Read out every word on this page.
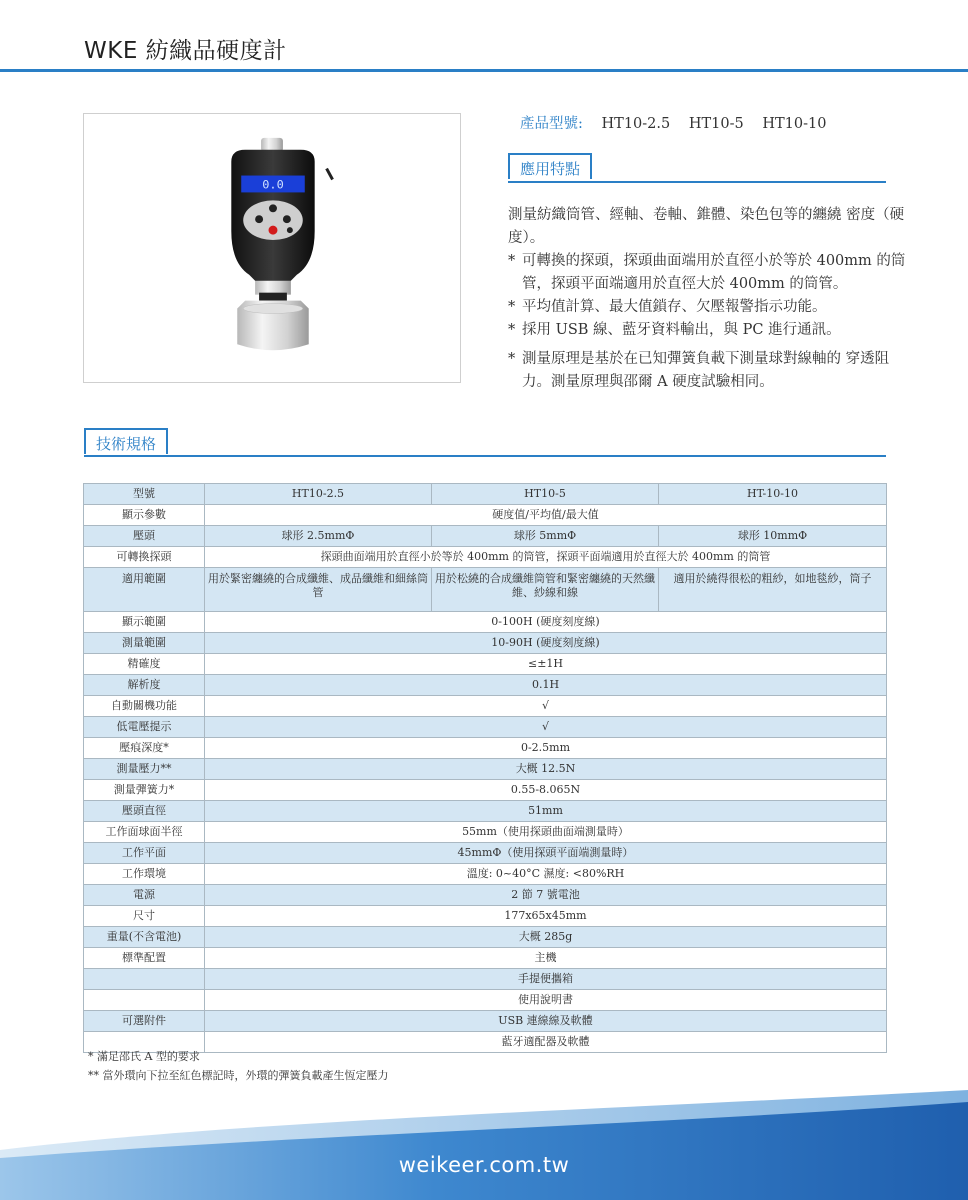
WKE 紡織品硬度計
0.0
產品型號: HT10-2.5 HT10-5 HT10-10
應用特點
測量紡織筒管、經軸、卷軸、錐體、染色包等的纏繞 密度（硬度）。
* 可轉換的探頭，探頭曲面端用於直徑小於等於 400mm 的筒管，探頭平面端適用於直徑大於 400mm 的筒管。
* 平均值計算、最大值鎖存、欠壓報警指示功能。
* 採用 USB 線、藍牙資料輸出，與 PC 進行通訊。
* 測量原理是基於在已知彈簧負載下測量球對線軸的 穿透阻力。測量原理與邵爾 A 硬度試驗相同。
技術規格
型號	HT10-2.5	HT10-5	HT-10-10
顯示參數	硬度值/平均值/最大值		
壓頭	球形 2.5mmΦ	球形 5mmΦ	球形 10mmΦ
可轉換探頭	探頭曲面端用於直徑小於等於 400mm 的筒管，探頭平面端適用於直徑大於 400mm 的筒管		
適用範圍	用於緊密纏繞的合成纖維、成品纖維和細絲筒管	用於松繞的合成纖維筒管和緊密纏繞的天然纖維、紗線和線	適用於繞得很松的粗紗，如地毯紗，筒子
顯示範圍	0-100H (硬度刻度線)		
測量範圍	10-90H (硬度刻度線)		
精確度	≤±1H		
解析度	0.1H		
自動關機功能	√		
低電壓提示	√		
壓痕深度*	0-2.5mm		
測量壓力**	大概 12.5N		
測量彈簧力*	0.55-8.065N		
壓頭直徑	51mm		
工作面球面半徑	55mm（使用探頭曲面端測量時）		
工作平面	45mmΦ（使用探頭平面端測量時）		
工作環境	溫度: 0~40°C 濕度: <80%RH		
電源	2 節 7 號電池		
尺寸	177x65x45mm		
重量(不含電池)	大概 285g		
標準配置	主機		
	手提便攜箱		
	使用說明書		
可選附件	USB 連線線及軟體		
	藍牙適配器及軟體		
* 滿足邵氏 A 型的要求
** 當外環向下拉至紅色標記時，外環的彈簧負載產生恆定壓力
weikeer.com.tw
